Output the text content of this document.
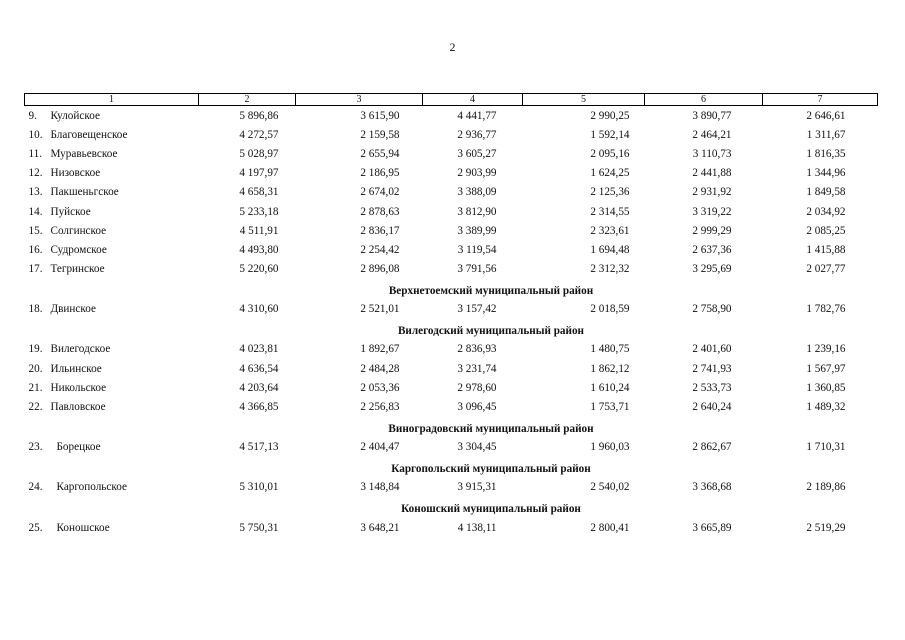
2
1	2	3	4	5	6	7
9. Кулойское	5 896,86	3 615,90	4 441,77	2 990,25	3 890,77	2 646,61
10. Благовещенское	4 272,57	2 159,58	2 936,77	1 592,14	2 464,21	1 311,67
11. Муравьевское	5 028,97	2 655,94	3 605,27	2 095,16	3 110,73	1 816,35
12. Низовское	4 197,97	2 186,95	2 903,99	1 624,25	2 441,88	1 344,96
13. Пакшеньгское	4 658,31	2 674,02	3 388,09	2 125,36	2 931,92	1 849,58
14. Пуйское	5 233,18	2 878,63	3 812,90	2 314,55	3 319,22	2 034,92
15. Солгинское	4 511,91	2 836,17	3 389,99	2 323,61	2 999,29	2 085,25
16. Судромское	4 493,80	2 254,42	3 119,54	1 694,48	2 637,36	1 415,88
17. Тегринское	5 220,60	2 896,08	3 791,56	2 312,32	3 295,69	2 027,77

Верхнетоемский муниципальный район						
18. Двинское	4 310,60	2 521,01	3 157,42	2 018,59	2 758,90	1 782,76

Вилегодский муниципальный район						
19. Вилегодское	4 023,81	1 892,67	2 836,93	1 480,75	2 401,60	1 239,16
20. Ильинское	4 636,54	2 484,28	3 231,74	1 862,12	2 741,93	1 567,97
21. Никольское	4 203,64	2 053,36	2 978,60	1 610,24	2 533,73	1 360,85
22. Павловское	4 366,85	2 256,83	3 096,45	1 753,71	2 640,24	1 489,32

Виноградовский муниципальный район						
23. Борецкое	4 517,13	2 404,47	3 304,45	1 960,03	2 862,67	1 710,31

Каргопольский муниципальный район						
24. Каргопольское	5 310,01	3 148,84	3 915,31	2 540,02	3 368,68	2 189,86

Коношский муниципальный район						
25. Коношское	5 750,31	3 648,21	4 138,11	2 800,41	3 665,89	2 519,29
